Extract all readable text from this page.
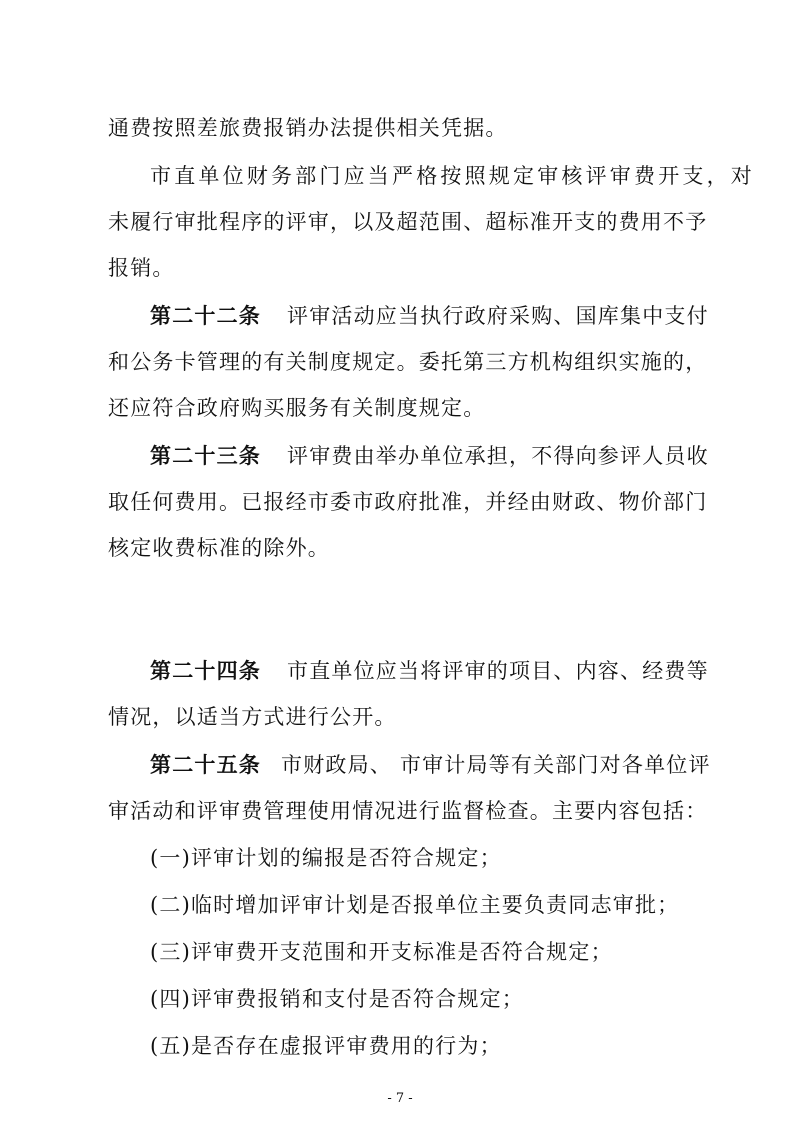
通费按照差旅费报销办法提供相关凭据。
市直单位财务部门应当严格按照规定审核评审费开支，对
未履行审批程序的评审，以及超范围、超标准开支的费用不予
报销。
第二十二条 评审活动应当执行政府采购、国库集中支付
和公务卡管理的有关制度规定。委托第三方机构组织实施的，
还应符合政府购买服务有关制度规定。
第二十三条 评审费由举办单位承担，不得向参评人员收
取任何费用。已报经市委市政府批准，并经由财政、物价部门
核定收费标准的除外。
第二十四条 市直单位应当将评审的项目、内容、经费等
情况，以适当方式进行公开。
第二十五条 市财政局、 市审计局等有关部门对各单位评
审活动和评审费管理使用情况进行监督检查。主要内容包括：
(一)评审计划的编报是否符合规定；
(二)临时增加评审计划是否报单位主要负责同志审批；
(三)评审费开支范围和开支标准是否符合规定；
(四)评审费报销和支付是否符合规定；
(五)是否存在虚报评审费用的行为；
- 7 -
